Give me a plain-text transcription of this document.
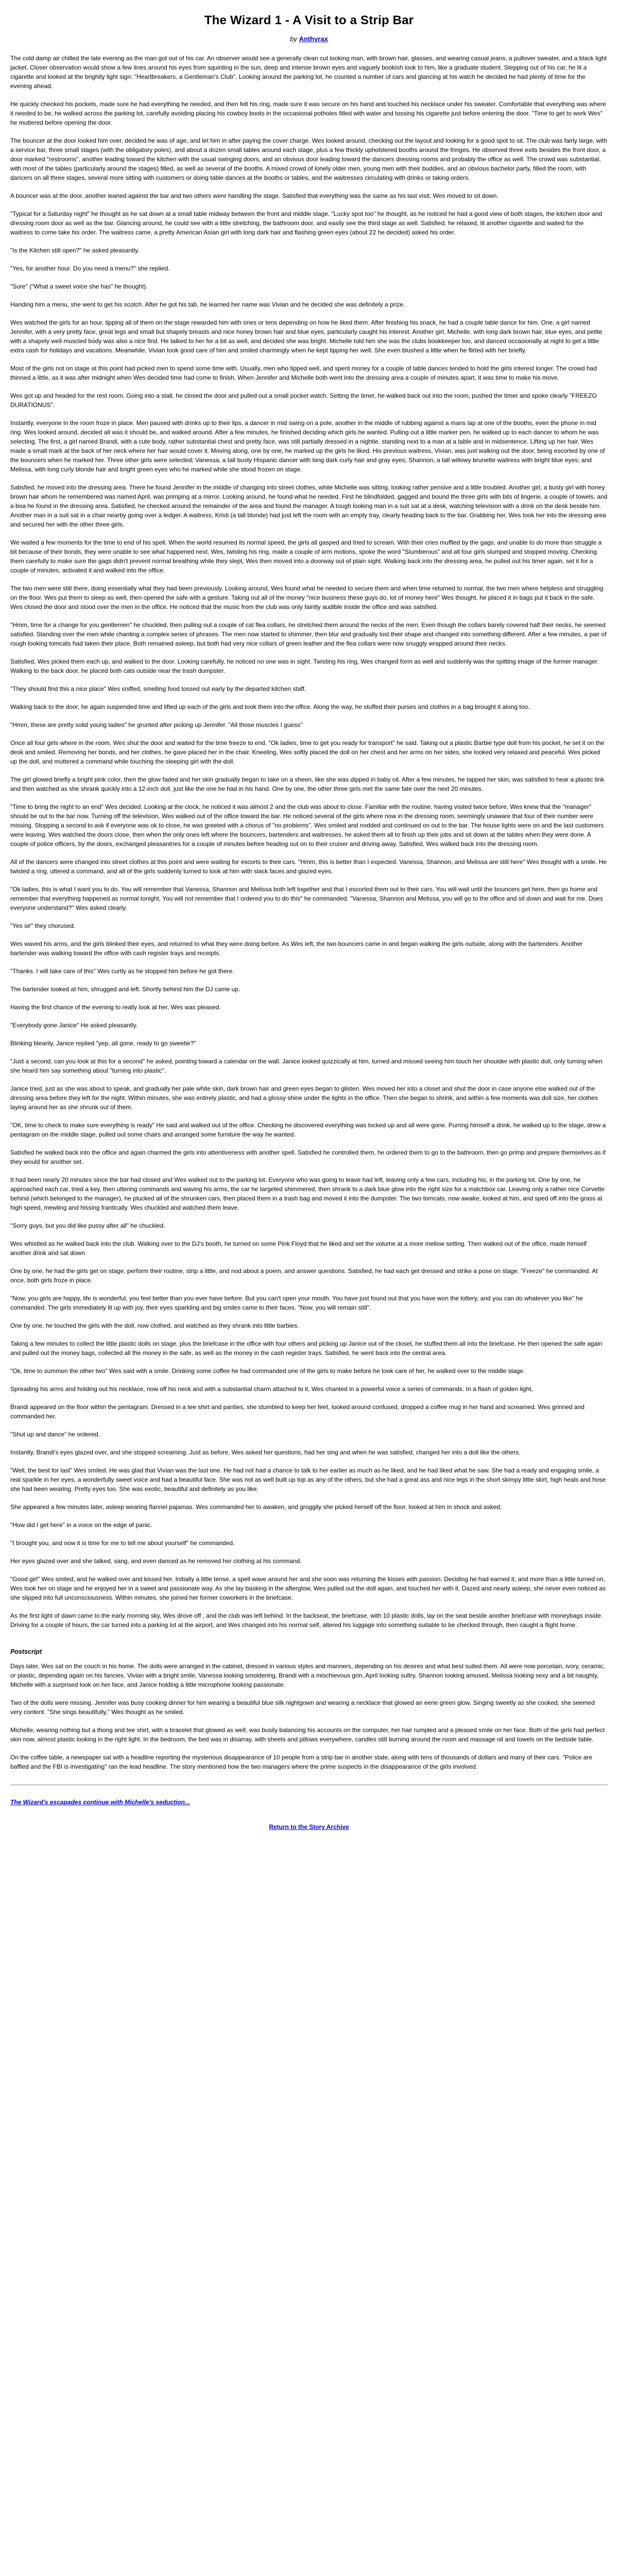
The Wizard 1 - A Visit to a Strip Bar
by Anthyrax

The cold damp air chilled the late evening as the man got out of his car. An observer would see a generally clean cut looking man, with brown hair, glasses, and wearing casual jeans, a pullover sweater, and a black light jacket. Closer observation would show a few lines around his eyes from squinting in the sun, deep and intense brown eyes and vaguely bookish look to him, like a graduate student. Stepping out of his car, he lit a cigarette and looked at the brightly light sign: "Heartbreakers, a Gentleman's Club". Looking around the parking lot, he counted a number of cars and glancing at his watch he decided he had plenty of time for the evening ahead.

He quickly checked his pockets, made sure he had everything he needed, and then felt his ring, made sure it was secure on his hand and touched his necklace under his sweater. Comfortable that everything was where it needed to be, he walked across the parking lot, carefully avoiding placing his cowboy boots in the occasional potholes filled with water and tossing his cigarette just before entering the door. "Time to get to work Wes" he muttered before opening the door.

The bouncer at the door looked him over, decided he was of age, and let him in after paying the cover charge. Wes looked around, checking out the layout and looking for a good spot to sit. The club was fairly large, with a service bar, three small stages (with the obligatory poles), and about a dozen small tables around each stage, plus a few thickly upholstered booths around the fringes. He observed three exits besides the front door, a door marked "restrooms", another leading toward the kitchen with the usual swinging doors, and an obvious door leading toward the dancers dressing rooms and probably the office as well. The crowd was substantial, with most of the tables (particularly around the stages) filled, as well as several of the booths. A mixed crowd of lonely older men, young men with their buddies, and an obvious bachelor party, filled the room, with dancers on all three stages, several more sitting with customers or doing table dances at the booths or tables, and the waitresses circulating with drinks or taking orders.

A bouncer was at the door, another leaned against the bar and two others were handling the stage. Satisfied that everything was the same as his last visit, Wes moved to sit down.

"Typical for a Saturday night" he thought as he sat down at a small table midway between the front and middle stage. "Lucky spot too" he thought, as he noticed he had a good view of both stages, the kitchen door and dressing room door as well as the bar. Glancing around, he could see with a little stretching, the bathroom door, and easily see the third stage as well. Satisfied, he relaxed, lit another cigarette and waited for the waitress to come take his order. The waitress came, a pretty American Asian girl with long dark hair and flashing green eyes (about 22 he decided) asked his order.

"Is the Kitchen still open?" he asked pleasantly.

"Yes, for another hour. Do you need a menu?" she replied.

"Sure" ("What a sweet voice she has" he thought).

Handing him a menu, she went to get his scotch. After he got his tab, he learned her name was Vivian and he decided she was definitely a prize.

Wes watched the girls for an hour, tipping all of them on the stage rewarded him with ones or tens depending on how he liked them. After finishing his snack, he had a couple table dance for him. One, a girl named Jennifer, with a very pretty face, great legs and small but shapely breasts and nice honey brown hair and blue eyes, particularly caught his interest. Another girl, Michelle, with long dark brown hair, blue eyes, and petite with a shapely well muscled body was also a nice find. He talked to her for a bit as well, and decided she was bright. Michelle told him she was the clubs bookkeeper too, and danced occasionally at night to get a little extra cash for holidays and vacations. Meanwhile, Vivian took good care of him and smiled charmingly when he kept tipping her well. She even blushed a little when he flirted with her briefly.

Most of the girls not on stage at this point had picked men to spend some time with. Usually, men who tipped well, and spent money for a couple of table dances tended to hold the girls interest longer. The crowd had thinned a little, as it was after midnight when Wes decided time had come to finish. When Jennifer and Michelle both went into the dressing area a couple of minutes apart, it was time to make his move.

Wes got up and headed for the rest room. Going into a stall, he closed the door and pulled out a small pocket watch. Setting the timer, he walked back out into the room, pushed the timer and spoke clearly "FREEZO DURATIONUS".

Instantly, everyone in the room froze in place. Men paused with drinks up to their lips, a dancer in mid swing on a pole, another in the middle of rubbing against a mans lap at one of the booths, even the phone in mid ring. Wes looked around, decided all was it should be, and walked around. After a few minutes, he finished deciding which girls he wanted. Pulling out a little marker pen, he walked up to each dancer to whom he was selecting. The first, a girl named Brandi, with a cute body, rather substantial chest and pretty face, was still partially dressed in a nightie, standing next to a man at a table and in midsentence. Lifting up her hair, Wes made a small mark at the back of her neck where her hair would cover it. Moving along, one by one, he marked up the girls he liked. His previous waitress, Vivian, was just walking out the door, being escorted by one of the bouncers when he marked her. Three other girls were selected; Vanessa, a tall busty Hispanic dancer with long dark curly hair and gray eyes; Shannon, a tall willowy brunette waitress with bright blue eyes; and Melissa, with long curly blonde hair and bright green eyes who he marked while she stood frozen on stage.

Satisfied, he moved into the dressing area. There he found Jennifer in the middle of changing into street clothes, while Michelle was sitting, looking rather pensive and a little troubled. Another girl, a busty girl with honey brown hair whom he remembered was named April, was primping at a mirror. Looking around, he found what he needed. First he blindfolded, gagged and bound the three girls with bits of lingerie, a couple of towels, and a boa he found in the dressing area. Satisfied, he checked around the remainder of the area and found the manager. A tough looking man in a suit sat at a desk, watching television with a drink on the desk beside him. Another man in a suit sat in a chair nearby going over a ledger. A waitress, Kristi (a tall blonde) had just left the room with an empty tray, clearly heading back to the bar. Grabbing her, Wes took her into the dressing area and secured her with the other three girls.

We waited a few moments for the time to end of his spell. When the world resumed its normal speed, the girls all gasped and tried to scream. With their cries muffled by the gags, and unable to do more than struggle a bit because of their bonds, they were unable to see what happened next. Wes, twisting his ring, made a couple of arm motions, spoke the word "Slumberous" and all four girls slumped and stopped moving. Checking them carefully to make sure the gags didn't prevent normal breathing while they slept, Wes then moved into a doorway out of plain sight. Walking back into the dressing area, he pulled out his timer again, set it for a couple of minutes, activated it and walked into the office.

The two men were still there, doing essentially what they had been previously. Looking around, Wes found what he needed to secure them and when time returned to normal, the two men where helpless and struggling on the floor. Wes put them to sleep as well, then opened the safe with a gesture. Taking out all of the money "nice business these guys do, lot of money here" Wes thought, he placed it in bags put it back in the safe. Wes closed the door and stood over the men in the office. He noticed that the music from the club was only faintly audible inside the office and was satisfied.

"Hmm, time for a change for you gentlemen" he chuckled, then pulling out a couple of cat flea collars, he stretched them around the necks of the men. Even though the collars barely covered half their necks, he seemed satisfied. Standing over the men while chanting a complex series of phrases. The men now started to shimmer, then blur and gradually lost their shape and changed into something different. After a few minutes, a pair of rough looking tomcats had taken their place. Both remained asleep, but both had very nice collars of green leather and the flea collars were now snuggly wrapped around their necks.

Satisfied, Wes picked them each up, and walked to the door. Looking carefully, he noticed no one was in sight. Twisting his ring, Wes changed form as well and suddenly was the spitting image of the former manager. Walking to the back door, he placed both cats outside near the trash dumpster.

"They should find this a nice place" Wes sniffed, smelling food tossed out early by the departed kitchen staff.

Walking back to the door, he again suspended time and lifted up each of the girls and took them into the office. Along the way, he stuffed their purses and clothes in a bag brought it along too.

"Hmm, these are pretty solid young ladies" he grunted after picking up Jennifer. "All those muscles I guess"

Once all four girls where in the room, Wes shut the door and waited for the time freeze to end. "Ok ladies, time to get you ready for transport" he said. Taking out a plastic Barbie type doll from his pocket, he set it on the desk and smiled. Removing her bonds, and her clothes, he gave placed her in the chair. Kneeling, Wes softly placed the doll on her chest and her arms on her sides, she looked very relaxed and peaceful. Wes picked up the doll, and muttered a command while touching the sleeping girl with the doll.

The girl glowed briefly a bright pink color, then the glow faded and her skin gradually began to take on a sheen, like she was dipped in baby oil. After a few minutes, he tapped her skin, was satisfied to hear a plastic tink and then watched as she shrank quickly into a 12-inch doll, just like the one he had in his hand. One by one, the other three girls met the same fate over the next 20 minutes.

"Time to bring the night to an end" Wes decided. Looking at the clock, he noticed it was almost 2 and the club was about to close. Familiar with the routine, having visited twice before, Wes knew that the "manager" should be out to the bar now. Turning off the television, Wes walked out of the office toward the bar. He noticed several of the girls where now in the dressing room, seemingly unaware that four of their number were missing. Stopping a second to ask if everyone was ok to close, he was greeted with a chorus of "no problems". Wes smiled and nodded and continued on out to the bar. The house lights were on and the last customers were leaving. Wes watched the doors close, then when the only ones left where the bouncers, bartenders and waitresses, he asked them all to finish up their jobs and sit down at the tables when they were done. A couple of police officers, by the doors, exchanged pleasantries for a couple of minutes before heading out on to their cruiser and driving away. Satisfied, Wes walked back into the dressing room.

All of the dancers were changed into street clothes at this point and were waiting for escorts to their cars. "Hmm, this is better than I expected. Vanessa, Shannon, and Melissa are still here" Wes thought with a smile. He twisted a ring, uttered a command, and all of the girls suddenly turned to look at him with slack faces and glazed eyes.

"Ok ladies, this is what I want you to do. You will remember that Vanessa, Shannon and Melissa both left together and that I escorted them out to their cars. You will wait until the bouncers get here, then go home and remember that everything happened as normal tonight. You will not remember that I ordered you to do this" he commanded. "Vanessa, Shannon and Melissa, you will go to the office and sit down and wait for me. Does everyone understand?" Wes asked clearly.

"Yes sir" they chorused.

Wes waved his arms, and the girls blinked their eyes, and returned to what they were doing before. As Wes left, the two bouncers came in and began walking the girls outside, along with the bartenders. Another bartender was walking toward the office with cash register trays and receipts.

"Thanks. I will take care of this" Wes curtly as he stopped him before he got there.

The bartender looked at him, shrugged and left. Shortly behind him the DJ came up.

Having the first chance of the evening to really look at her, Wes was pleased.

"Everybody gone Janice" He asked pleasantly.

Blinking blearily, Janice replied "yep, all gone, ready to go sweetie?"

"Just a second, can you look at this for a second" he asked, pointing toward a calendar on the wall. Janice looked quizzically at him, turned and missed seeing him touch her shoulder with plastic doll, only turning when she heard him say something about "turning into plastic".

Janice tried, just as she was about to speak, and gradually her pale white skin, dark brown hair and green eyes began to glisten. Wes moved her into a closet and shut the door in case anyone else walked out of the dressing area before they left for the night. Within minutes, she was entirely plastic, and had a glossy shine under the lights in the office. Then she began to shrink, and within a few moments was doll size, her clothes laying around her as she shrunk out of them.

"OK, time to check to make sure everything is ready" He said and walked out of the office. Checking he discovered everything was locked up and all were gone. Purring himself a drink, he walked up to the stage, drew a pentagram on the middle stage, pulled out some chairs and arranged some furniture the way he wanted.

Satisfied he walked back into the office and again charmed the girls into attentiveness with another spell. Satisfied he controlled them, he ordered them to go to the bathroom, then go primp and prepare themselves as if they would for another set.

It had been nearly 20 minutes since the bar had closed and Wes walked out to the parking lot. Everyone who was going to leave had left, leaving only a few cars, including his, in the parking lot. One by one, he approached each car, tried a key, then uttering commands and waving his arms, the car he targeted shimmered, then shrank to a dark blue glow into the right size for a matchbox car. Leaving only a rather nice Corvette behind (which belonged to the manager), he plucked all of the shrunken cars, then placed them in a trash bag and moved it into the dumpster. The two tomcats, now awake, looked at him, and sped off into the grass at high speed, mewling and hissing frantically. Wes chuckled and watched them leave.

"Sorry guys, but you did like pussy after all" he chuckled.

Wes whistled as he walked back into the club. Walking over to the DJ's booth, he turned on some Pink Floyd that he liked and set the volume at a more mellow setting. Then walked out of the office, made himself another drink and sat down

One by one, he had the girls get on stage, perform their routine, strip a little, and nod about a poem, and answer questions. Satisfied, he had each get dressed and strike a pose on stage. "Freeze" he commanded. At once, both girls froze in place.

"Now, you girls are happy, life is wonderful, you feel better than you ever have before. But you can't open your mouth. You have just found out that you have won the lottery, and you can do whatever you like" he commanded. The girls immediately lit up with joy, their eyes sparkling and big smiles came to their faces. "Now, you will remain still".

One by one, he touched the girls with the doll, now clothed, and watched as they shrank into little barbies.

Taking a few minutes to collect the little plastic dolls on stage, plus the briefcase in the office with four others and picking up Janice out of the closet, he stuffed them all into the briefcase. He then opened the safe again and pulled out the money bags, collected all the money in the safe, as well as the money in the cash register trays. Satisfied, he went back into the central area.

"Ok, time to summon the other two" Wes said with a smile. Drinking some coffee he had commanded one of the girls to make before he took care of her, he walked over to the middle stage.

Spreading his arms and holding out his necklace, now off his neck and with a substantial charm attached to it, Wes chanted in a powerful voice a series of commands. In a flash of golden light,

Brandi appeared on the floor within the pentagram. Dressed in a tee shirt and panties, she stumbled to keep her feet, looked around confused, dropped a coffee mug in her hand and screamed. Wes grinned and commanded her.

"Shut up and dance" he ordered.

Instantly, Brandi's eyes glazed over, and she stopped screaming. Just as before, Wes asked her questions, had her sing and when he was satisfied, changed her into a doll like the others.

"Well, the best for last" Wes smiled. He was glad that Vivian was the last one. He had not had a chance to talk to her earlier as much as he liked, and he had liked what he saw. She had a ready and engaging smile, a real sparkle in her eyes, a wonderfully sweet voice and had a beautiful face. She was not as well built up top as any of the others, but she had a great ass and nice legs in the short skimpy little skirt, high heals and hose she had been wearing. Pretty eyes too. She was exotic, beautiful and definitely as you like.

She appeared a few minutes later, asleep wearing flannel pajamas. Wes commanded her to awaken, and groggily she picked herself off the floor, looked at him in shock and asked,

"How did I get here" in a voice on the edge of panic.

"I brought you, and now it is time for me to tell me about yourself" he commanded.

Her eyes glazed over and she talked, sang, and even danced as he removed her clothing at his command.

"Good girl" Wes smiled, and he walked over and kissed her. Initially a little tense, a spell wave around her and she soon was returning the kisses with passion. Deciding he had earned it, and more than a little turned on, Wes took her on stage and he enjoyed her in a sweet and passionate way. As she lay basking in the afterglow, Wes pulled out the doll again, and touched her with it. Dazed and nearly asleep, she never even noticed as she slipped into full unconsciousness. Within minutes, she joined her former coworkers in the briefcase.

As the first light of dawn came to the early morning sky, Wes drove off , and the club was left behind. In the backseat, the briefcase, with 10 plastic dolls, lay on the seat beside another briefcase with moneybags inside. Driving for a couple of hours, the car turned into a parking lot at the airport, and Wes changed into his normal self, altered his luggage into something suitable to be checked through, then caught a flight home.

Postscript

Days later, Wes sat on the couch in his home. The dolls were arranged in the cabinet, dressed in various styles and manners, depending on his desires and what best suited them. All were now porcelain, ivory, ceramic, or plastic, depending again on his fancies. Vivian with a bright smile, Vanessa looking smoldering, Brandi with a mischievous grin, April looking sultry, Shannon looking amused, Melissa looking sexy and a bit naughty, Michelle with a surprised look on her face, and Janice holding a little microphone looking passionate.

Two of the dolls were missing. Jennifer was busy cooking dinner for him wearing a beautiful blue silk nightgown and wearing a necklace that glowed an eerie green glow. Singing sweetly as she cooked, she seemed very content. "She sings beautifully," Wes thought as he smiled.

Michelle, wearing nothing but a thong and tee shirt, with a bracelet that glowed as well, was busily balancing his accounts on the computer, her hair rumpled and a pleased smile on her face. Both of the girls had perfect skin now, almost plastic looking in the right light. In the bedroom, the bed was in disarray, with sheets and pillows everywhere, candles still burning around the room and massage oil and towels on the bedside table.

On the coffee table, a newspaper sat with a headline reporting the mysterious disappearance of 10 people from a strip bar in another state, along with tens of thousands of dollars and many of their cars. "Police are baffled and the FBI is investigating" ran the lead headline. The story mentioned how the two managers where the prime suspects in the disappearance of the girls involved.

The Wizard's escapades continue with Michelle's seduction...
Return to the Story Archive
